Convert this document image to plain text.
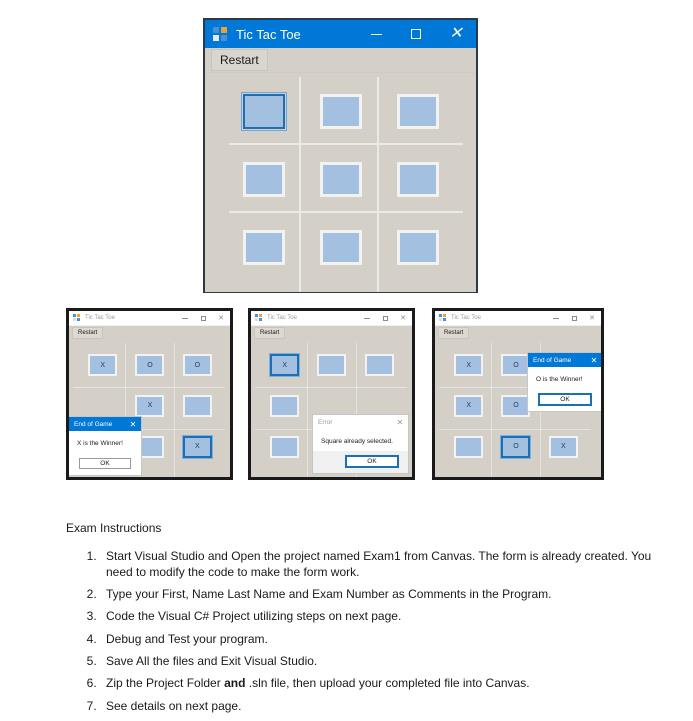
Tic Tac Toe	✕
Restart
Tic Tac Toe	✕
Restart
X	O	O
X
X
End of Game	✕
X is the Winner!
OK
Tic Tac Toe	✕
Restart
X
Error	✕
Square already selected.
OK
Tic Tac Toe	✕
Restart
X	O
X	O
O	X
End of Game	✕
O is the Winner!
OK
Exam Instructions
1. Start Visual Studio and Open the project named Exam1 from Canvas. The form is already created. You need to modify the code to make the form work.
2. Type your First, Name Last Name and Exam Number as Comments in the Program.
3. Code the Visual C# Project utilizing steps on next page.
4. Debug and Test your program.
5. Save All the files and Exit Visual Studio.
6. Zip the Project Folder and .sln file, then upload your completed file into Canvas.
7. See details on next page.
